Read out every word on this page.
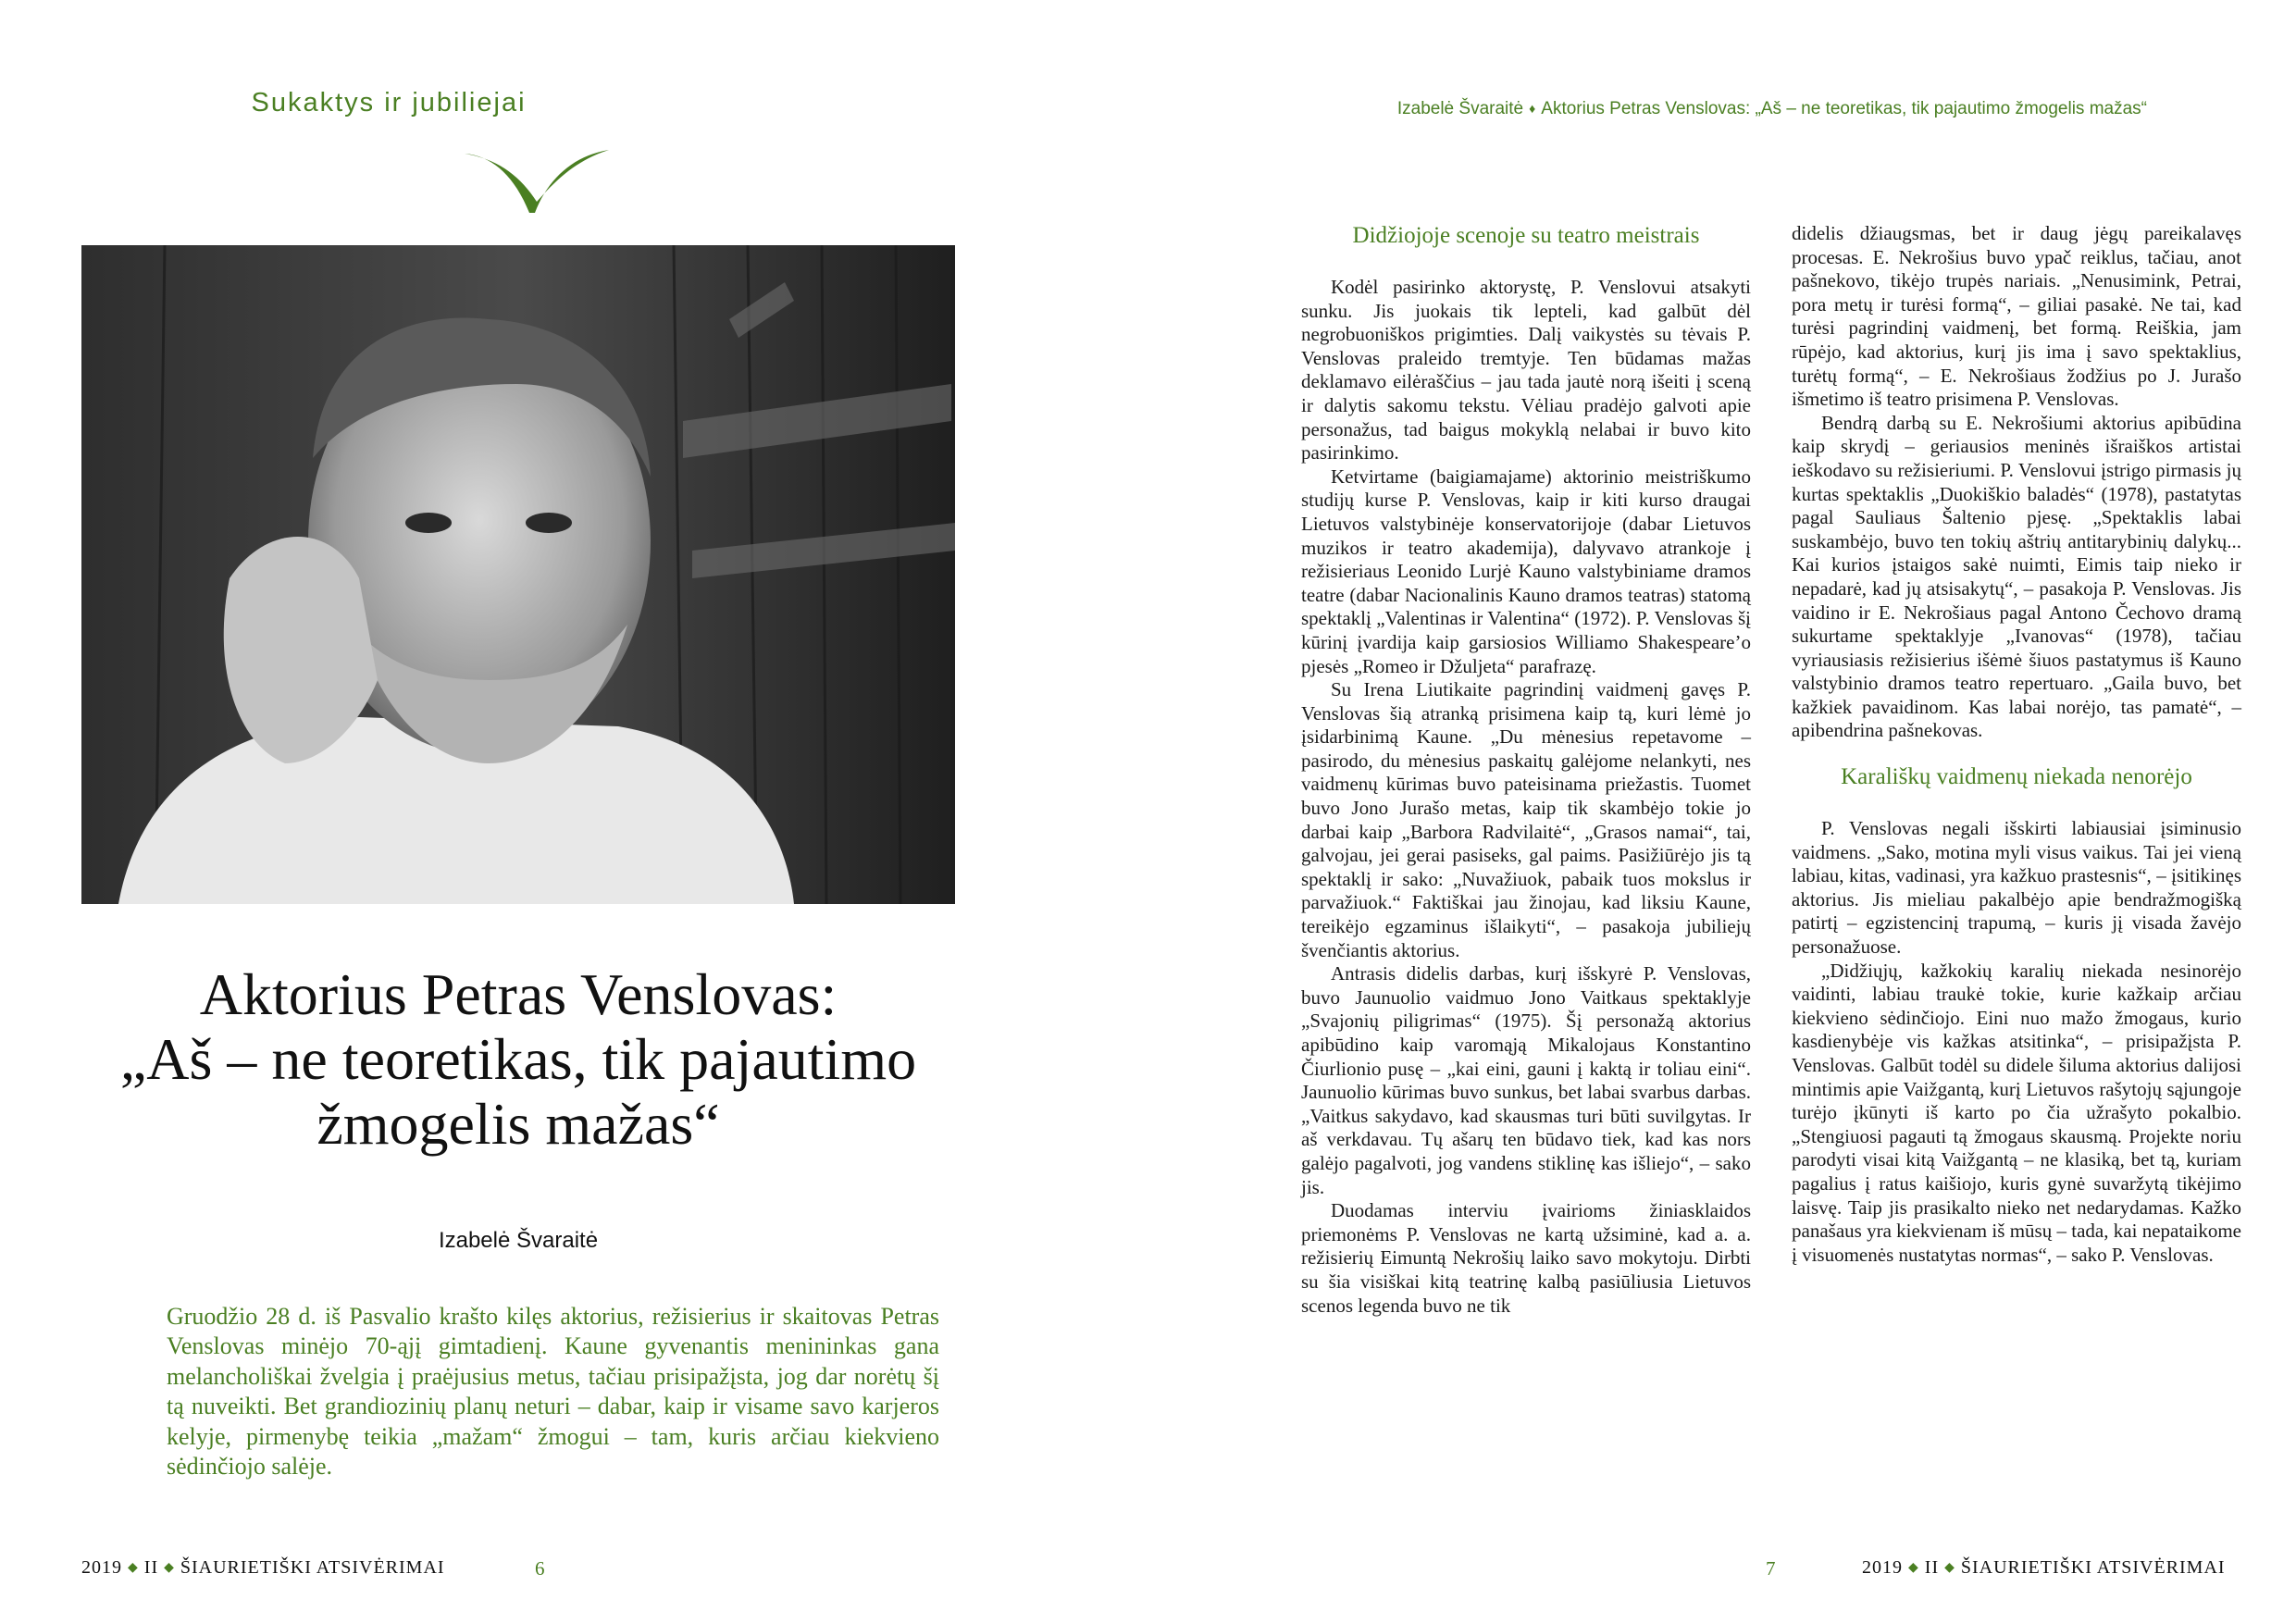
Sukaktys ir jubiliejai
Aktorius Petras Venslovas:
„Aš – ne teoretikas, tik pajautimo
žmogelis mažas“
Izabelė Švaraitė
Gruodžio 28 d. iš Pasvalio krašto kilęs aktorius, režisierius ir skaitovas Petras Venslovas minėjo 70-ąjį gimtadienį. Kaune gyvenantis menininkas gana melancholiškai žvelgia į praėjusius metus, tačiau prisipažįsta, jog dar norėtų šį tą nuveikti. Bet grandiozinių planų neturi – dabar, kaip ir visame savo karjeros kelyje, pirmenybę teikia „mažam“ žmogui – tam, kuris arčiau kiekvieno sėdinčiojo salėje.
2019 ◆ II ◆ ŠIAURIETIŠKI ATSIVĖRIMAI	6
Izabelė Švaraitė ♦ Aktorius Petras Venslovas: „Aš – ne teoretikas, tik pajautimo žmogelis mažas“
Didžiojoje scenoje su teatro meistrais

Kodėl pasirinko aktorystę, P. Venslovui atsakyti sunku. Jis juokais tik lepteli, kad galbūt dėl negrobuoniškos prigimties. Dalį vaikystės su tėvais P. Venslovas praleido tremtyje. Ten būdamas mažas deklamavo eilėraščius – jau tada jautė norą išeiti į sceną ir dalytis sakomu tekstu. Vėliau pradėjo galvoti apie personažus, tad baigus mokyklą nelabai ir buvo kito pasirinkimo.

Ketvirtame (baigiamajame) aktorinio meistriškumo studijų kurse P. Venslovas, kaip ir kiti kurso draugai Lietuvos valstybinėje konservatorijoje (dabar Lietuvos muzikos ir teatro akademija), dalyvavo atrankoje į režisieriaus Leonido Lurjė Kauno valstybiniame dramos teatre (dabar Nacionalinis Kauno dramos teatras) statomą spektaklį „Valentinas ir Valentina“ (1972). P. Venslovas šį kūrinį įvardija kaip garsiosios Williamo Shakespeare’o pjesės „Romeo ir Džuljeta“ parafrazę.

Su Irena Liutikaite pagrindinį vaidmenį gavęs P. Venslovas šią atranką prisimena kaip tą, kuri lėmė jo įsidarbinimą Kaune. „Du mėnesius repetavome – pasirodo, du mėnesius paskaitų galėjome nelankyti, nes vaidmenų kūrimas buvo pateisinama priežastis. Tuomet buvo Jono Jurašo metas, kaip tik skambėjo tokie jo darbai kaip „Barbora Radvilaitė“, „Grasos namai“, tai, galvojau, jei gerai pasiseks, gal paims. Pasižiūrėjo jis tą spektaklį ir sako: „Nuvažiuok, pabaik tuos mokslus ir parvažiuok.“ Faktiškai jau žinojau, kad liksiu Kaune, tereikėjo egzaminus išlaikyti“, – pasakoja jubiliejų švenčiantis aktorius.

Antrasis didelis darbas, kurį išskyrė P. Venslovas, buvo Jaunuolio vaidmuo Jono Vaitkaus spektaklyje „Svajonių piligrimas“ (1975). Šį personažą aktorius apibūdino kaip varomąją Mikalojaus Konstantino Čiurlionio pusę – „kai eini, gauni į kaktą ir toliau eini“. Jaunuolio kūrimas buvo sunkus, bet labai svarbus darbas. „Vaitkus sakydavo, kad skausmas turi būti suvilgytas. Ir aš verkdavau. Tų ašarų ten būdavo tiek, kad kas nors galėjo pagalvoti, jog vandens stiklinę kas išliejo“, – sako jis.

Duodamas interviu įvairioms žiniasklaidos priemonėms P. Venslovas ne kartą užsiminė, kad a. a. režisierių Eimuntą Nekrošių laiko savo mokytoju. Dirbti su šia visiškai kitą teatrinę kalbą pasiūliusia Lietuvos scenos legenda buvo ne tik

didelis džiaugsmas, bet ir daug jėgų pareikalavęs procesas. E. Nekrošius buvo ypač reiklus, tačiau, anot pašnekovo, tikėjo trupės nariais. „Nenusimink, Petrai, pora metų ir turėsi formą“, – giliai pasakė. Ne tai, kad turėsi pagrindinį vaidmenį, bet formą. Reiškia, jam rūpėjo, kad aktorius, kurį jis ima į savo spektaklius, turėtų formą“, – E. Nekrošiaus žodžius po J. Jurašo išmetimo iš teatro prisimena P. Venslovas.

Bendrą darbą su E. Nekrošiumi aktorius apibūdina kaip skrydį – geriausios meninės išraiškos artistai ieškodavo su režisieriumi. P. Venslovui įstrigo pirmasis jų kurtas spektaklis „Duokiškio baladės“ (1978), pastatytas pagal Sauliaus Šaltenio pjesę. „Spektaklis labai suskambėjo, buvo ten tokių aštrių antitarybinių dalykų... Kai kurios įstaigos sakė nuimti, Eimis taip nieko ir nepadarė, kad jų atsisakytų“, – pasakoja P. Venslovas. Jis vaidino ir E. Nekrošiaus pagal Antono Čechovo dramą sukurtame spektaklyje „Ivanovas“ (1978), tačiau vyriausiasis režisierius išėmė šiuos pastatymus iš Kauno valstybinio dramos teatro repertuaro. „Gaila buvo, bet kažkiek pavaidinom. Kas labai norėjo, tas pamatė“, – apibendrina pašnekovas.

Karališkų vaidmenų niekada nenorėjo

P. Venslovas negali išskirti labiausiai įsiminusio vaidmens. „Sako, motina myli visus vaikus. Tai jei vieną labiau, kitas, vadinasi, yra kažkuo prastesnis“, – įsitikinęs aktorius. Jis mieliau pakalbėjo apie bendražmogišką patirtį – egzistencinį trapumą, – kuris jį visada žavėjo personažuose.

„Didžiųjų, kažkokių karalių niekada nesinorėjo vaidinti, labiau traukė tokie, kurie kažkaip arčiau kiekvieno sėdinčiojo. Eini nuo mažo žmogaus, kurio kasdienybėje vis kažkas atsitinka“, – prisipažįsta P. Venslovas. Galbūt todėl su didele šiluma aktorius dalijosi mintimis apie Vaižgantą, kurį Lietuvos rašytojų sąjungoje turėjo įkūnyti iš karto po čia užrašyto pokalbio. „Stengiuosi pagauti tą žmogaus skausmą. Projekte noriu parodyti visai kitą Vaižgantą – ne klasiką, bet tą, kuriam pagalius į ratus kaišiojo, kuris gynė suvaržytą tikėjimo laisvę. Taip jis prasikalto nieko net nedarydamas. Kažko panašaus yra kiekvienam iš mūsų – tada, kai nepataikome į visuomenės nustatytas normas“, – sako P. Venslovas.

7	2019 ◆ II ◆ ŠIAURIETIŠKI ATSIVĖRIMAI
